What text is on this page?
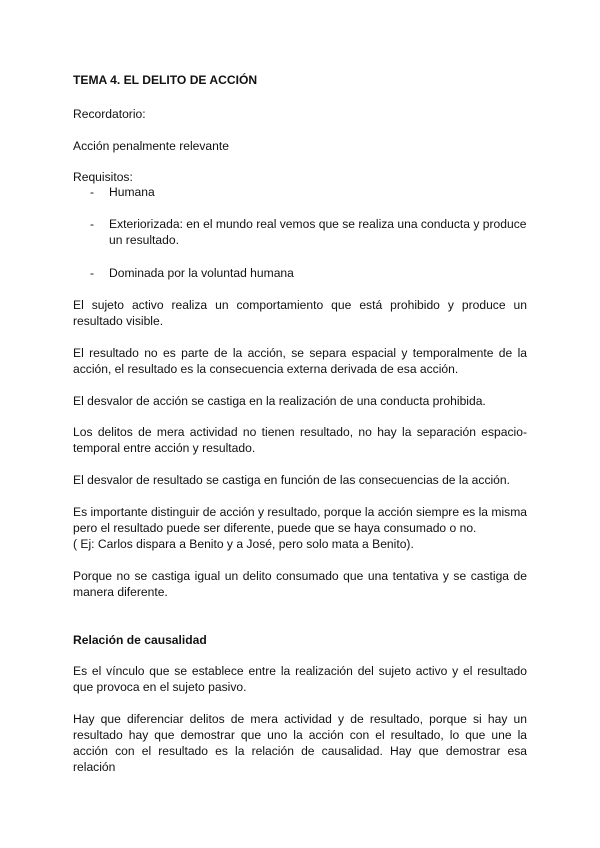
TEMA 4. EL DELITO DE ACCIÓN

Recordatorio:

Acción penalmente relevante

Requisitos:

- Humana
- Exteriorizada: en el mundo real vemos que se realiza una conducta y produce un resultado.
- Dominada por la voluntad humana

El sujeto activo realiza un comportamiento que está prohibido y produce un resultado visible.

El resultado no es parte de la acción, se separa espacial y temporalmente de la acción, el resultado es la consecuencia externa derivada de esa acción.

El desvalor de acción se castiga en la realización de una conducta prohibida.

Los delitos de mera actividad no tienen resultado, no hay la separación espacio-temporal entre acción y resultado.

El desvalor de resultado se castiga en función de las consecuencias de la acción.

Es importante distinguir de acción y resultado, porque la acción siempre es la misma pero el resultado puede ser diferente, puede que se haya consumado o no.

( Ej: Carlos dispara a Benito y a José, pero solo mata a Benito).

Porque no se castiga igual un delito consumado que una tentativa y se castiga de manera diferente.

Relación de causalidad

Es el vínculo que se establece entre la realización del sujeto activo y el resultado que provoca en el sujeto pasivo.

Hay que diferenciar delitos de mera actividad y de resultado, porque si hay un resultado hay que demostrar que uno la acción con el resultado, lo que une la acción con el resultado es la relación de causalidad. Hay que demostrar esa relación
